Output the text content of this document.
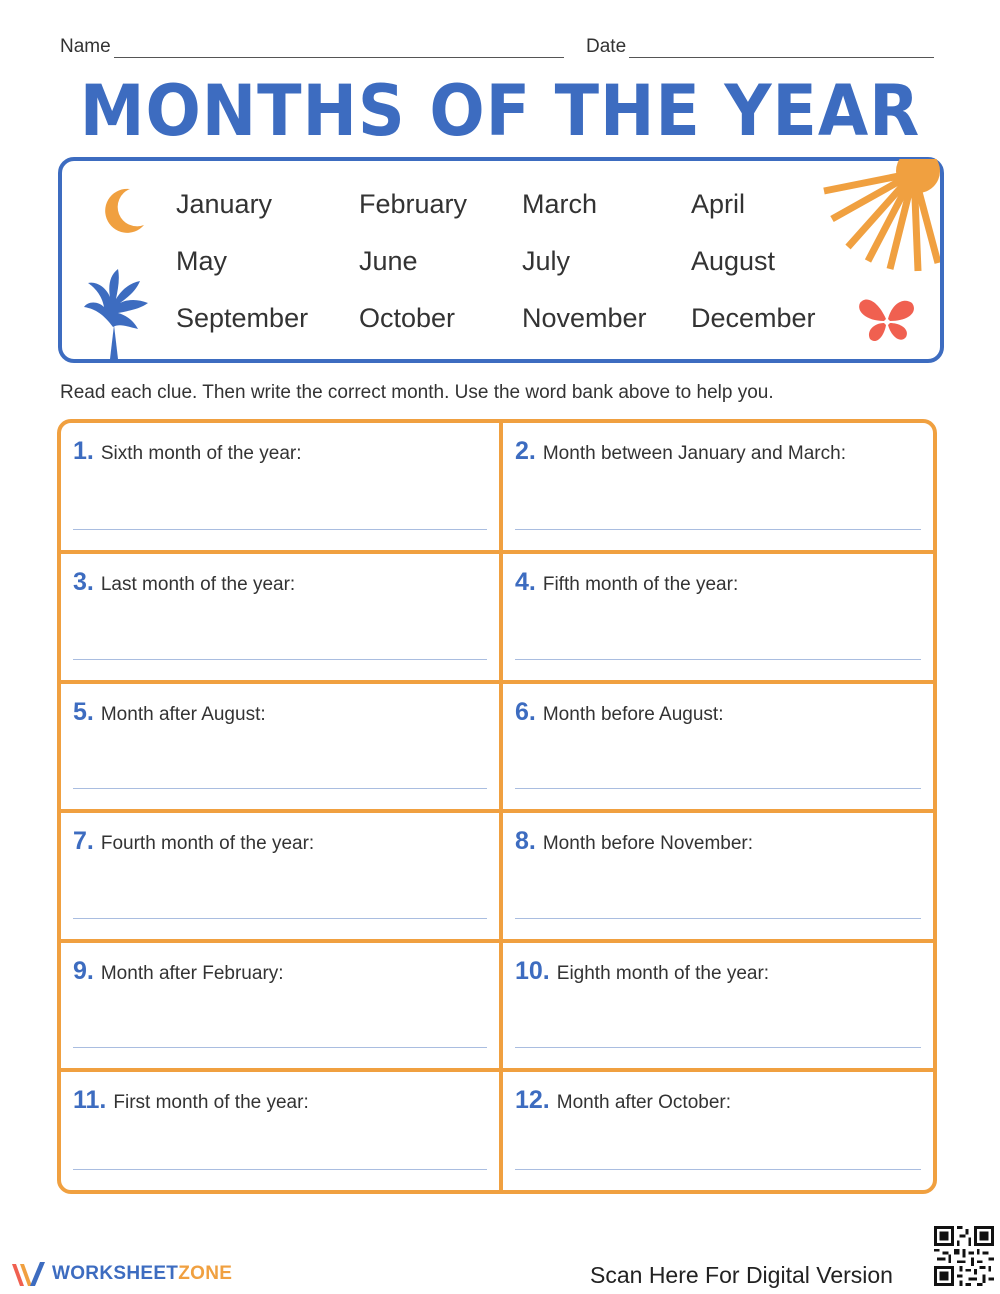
Name	Date
MONTHS OF THE YEAR
January	February March	April
May	June	July	August
September October November December
Read each clue. Then write the correct month. Use the word bank above to help you.
1. Sixth month of the year:	2. Month between January and March:
3. Last month of the year:	4. Fifth month of the year:
5. Month after August:	6. Month before August:
7. Fourth month of the year:	8. Month before November:
9. Month after February:	10. Eighth month of the year:
11. First month of the year:	12. Month after October:
WORKSHEETZONE	Scan Here For Digital Version
